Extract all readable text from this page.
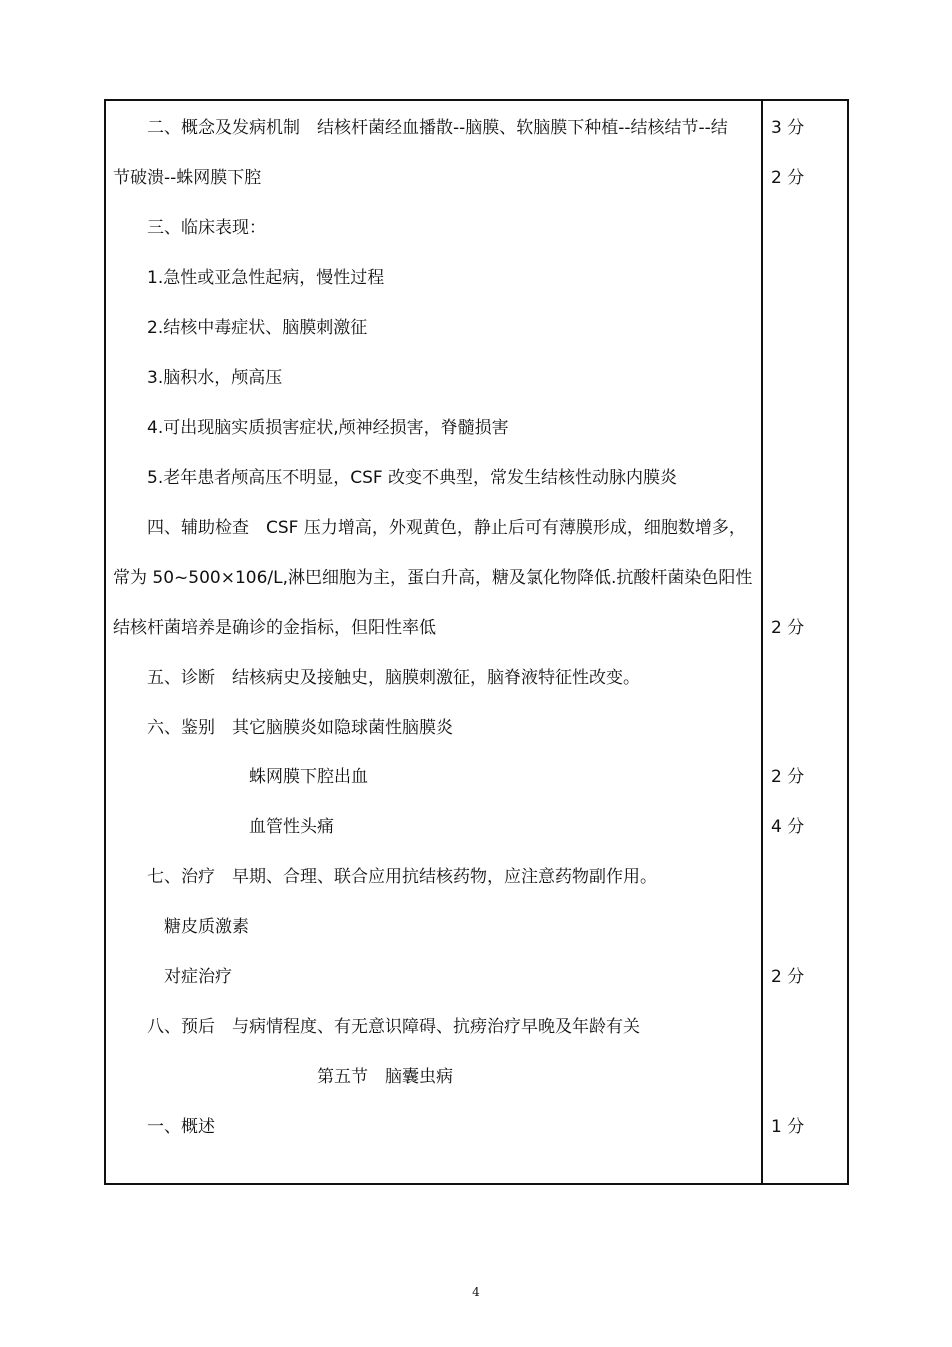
二、概念及发病机制　结核杆菌经血播散--脑膜、软脑膜下种植--结核结节--结
节破溃--蛛网膜下腔
三、临床表现：
1.急性或亚急性起病，慢性过程
2.结核中毒症状、脑膜刺激征
3.脑积水，颅高压
4.可出现脑实质损害症状,颅神经损害，脊髓损害
5.老年患者颅高压不明显，CSF 改变不典型，常发生结核性动脉内膜炎
四、辅助检查　CSF 压力增高，外观黄色，静止后可有薄膜形成，细胞数增多，
常为 50~500×106/L,淋巴细胞为主，蛋白升高，糖及氯化物降低.抗酸杆菌染色阳性
结核杆菌培养是确诊的金指标，但阳性率低
五、诊断　结核病史及接触史，脑膜刺激征，脑脊液特征性改变。
六、鉴别　其它脑膜炎如隐球菌性脑膜炎
蛛网膜下腔出血
血管性头痛
七、治疗　早期、合理、联合应用抗结核药物，应注意药物副作用。
糖皮质激素
对症治疗
八、预后　与病情程度、有无意识障碍、抗痨治疗早晚及年龄有关
第五节　脑囊虫病
一、概述
3 分
2 分
2 分
2 分
4 分
2 分
1 分
4
